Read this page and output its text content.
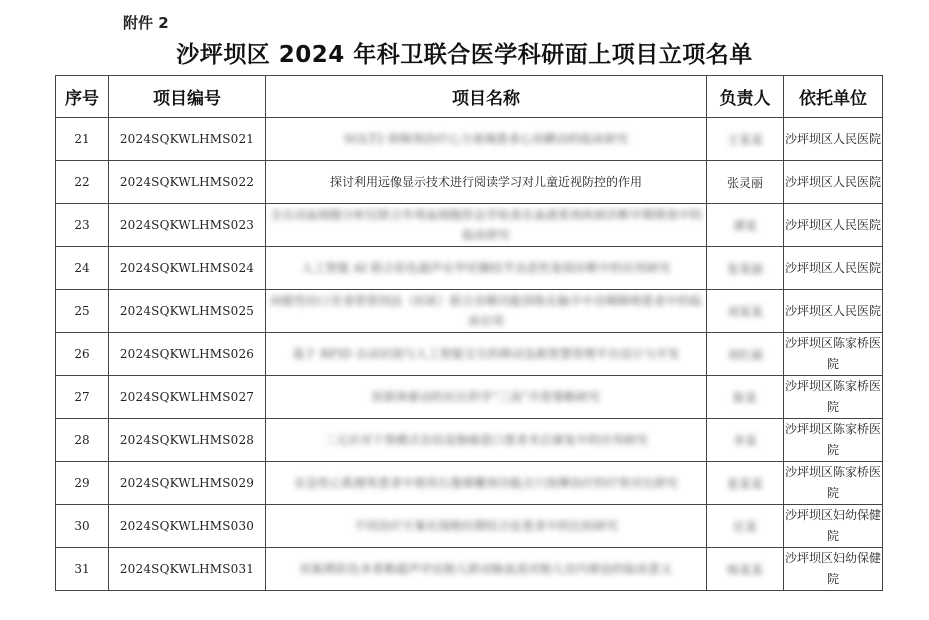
附件 2
沙坪坝区 2024 年科卫联合医学科研面上项目立项名单
序号	项目编号	项目名称	负责人	依托单位
21	2024SQKWLHMS021	SGLT2 抑制剂治疗心力衰竭患者心房颤动的临床研究	王某某	沙坪坝区人民医院
22	2024SQKWLHMS022	探讨利用远像显示技术进行阅读学习对儿童近视防控的作用	张灵丽	沙坪坝区人民医院
23	2024SQKWLHMS023	全自动血细胞分析仪联合外周血细胞形态学检查在血液系统疾病诊断早期筛查中的临床研究	谭某	沙坪坝区人民医院
24	2024SQKWLHMS024	人工智能 AI 联合彩色超声在甲状腺结节良恶性鉴别诊断中的应用研究	张某丽	沙坪坝区人民医院
25	2024SQKWLHMS025	间歇性经口至食管管饲法（IOE）联合吞咽功能训练在脑卒中吞咽障碍患者中的临床应用	刘某某	沙坪坝区人民医院
26	2024SQKWLHMS026	基于 RFID 自动识别与人工智能交互的移动急救智慧管理平台设计与开发	刘红丽	沙坪坝区陈家桥医院
27	2024SQKWLHMS027	医联体驱动的社区药学“三高”共管策略研究	陈某	沙坪坝区陈家桥医院
28	2024SQKWLHMS028	二元应对干预模式在结直肠癌造口患者术后康复中的应用研究	李某	沙坪坝区陈家桥医院
29	2024SQKWLHMS029	在急性心肌梗死患者中使用石墨烯雕刻功能点穴按摩治疗的疗效对比研究	张某某	沙坪坝区陈家桥医院
30	2024SQKWLHMS030	不同治疗方案在围绝经期综合征患者中的比较研究	任某	沙坪坝区妇幼保健院
31	2024SQKWLHMS031	妊娠期彩色多普勒超声评估胎儿脐动脉血流对胎儿宫内窘迫的临床意义	杨某某	沙坪坝区妇幼保健院
